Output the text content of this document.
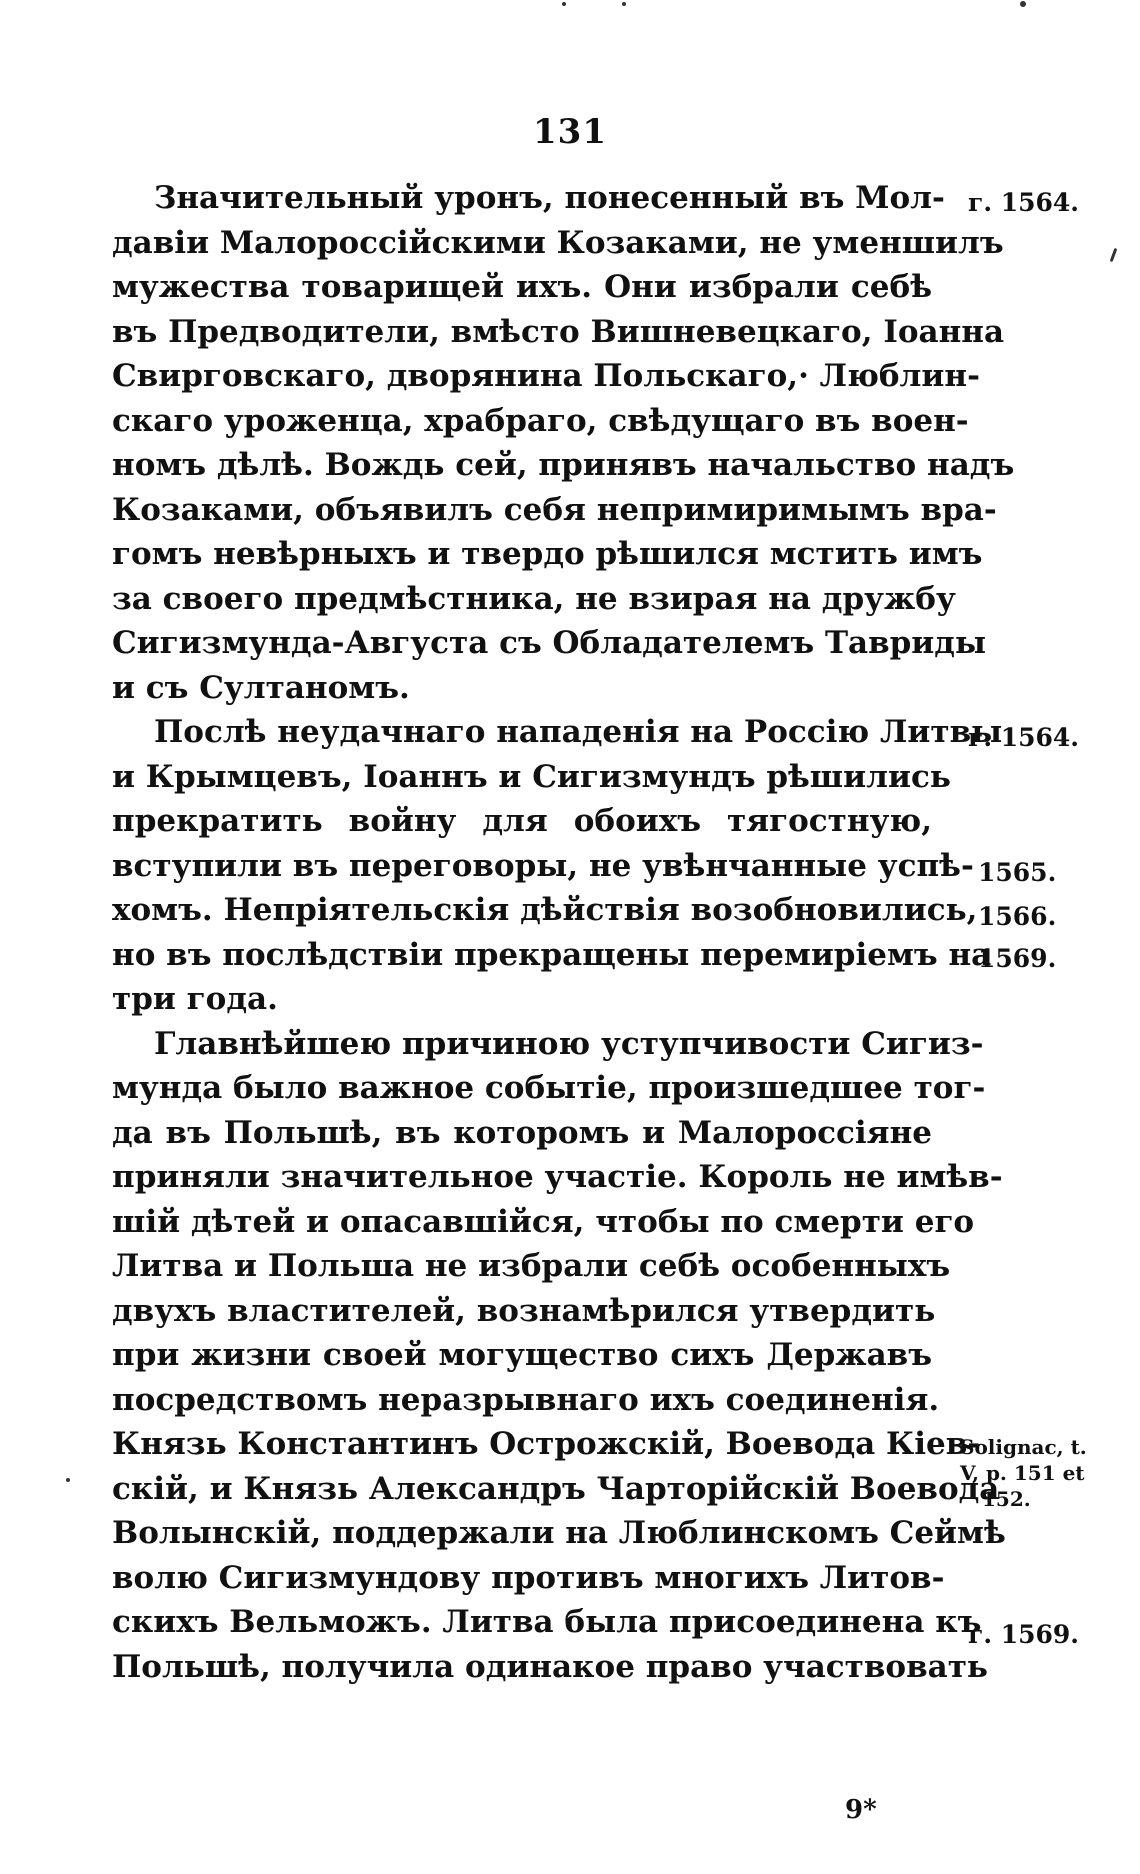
131
Значительный уронъ, понесенный въ Мол-
давіи Малороссійскими Козаками, не уменшилъ
мужества товарищей ихъ. Они избрали себѣ
въ Предводители, вмѣсто Вишневецкаго, Іоанна
Свирговскаго, дворянина Польскаго,· Люблин-
скаго уроженца, храбраго, свѣдущаго въ воен-
номъ дѣлѣ. Вождь сей, принявъ начальство надъ
Козаками, объявилъ себя непримиримымъ вра-
гомъ невѣрныхъ и твердо рѣшился мстить имъ
за своего предмѣстника, не взирая на дружбу
Сигизмунда-Августа съ Обладателемъ Тавриды
и съ Султаномъ.
Послѣ неудачнаго нападенія на Россію Литвы
и Крымцевъ, Іоаннъ и Сигизмундъ рѣшились
прекратить войну для обоихъ тягостную,
вступили въ переговоры, не увѣнчанные успѣ-
хомъ. Непріятельскія дѣйствія возобновились,
но въ послѣдствіи прекращены перемиріемъ на
три года.
Главнѣйшею причиною уступчивости Сигиз-
мунда было важное событіе, произшедшее тог-
да въ Польшѣ, въ которомъ и Малороссіяне
приняли значительное участіе. Король не имѣв-
шій дѣтей и опасавшійся, чтобы по смерти его
Литва и Польша не избрали себѣ особенныхъ
двухъ властителей, вознамѣрился утвердить
при жизни своей могущество сихъ Державъ
посредствомъ неразрывнаго ихъ соединенія.
Князь Константинъ Острожскій, Воевода Кіев-
скій, и Князь Александръ Чарторійскій Воевода
Волынскій, поддержали на Люблинскомъ Сеймѣ
волю Сигизмундову противъ многихъ Литов-
скихъ Вельможъ. Литва была присоединена къ
Польшѣ, получила одинакое право участвовать
г. 1564.
г. 1564.
1565.
1566.
1569.
Solignac, t.
V, p. 151 et
152.
г. 1569.
9*
